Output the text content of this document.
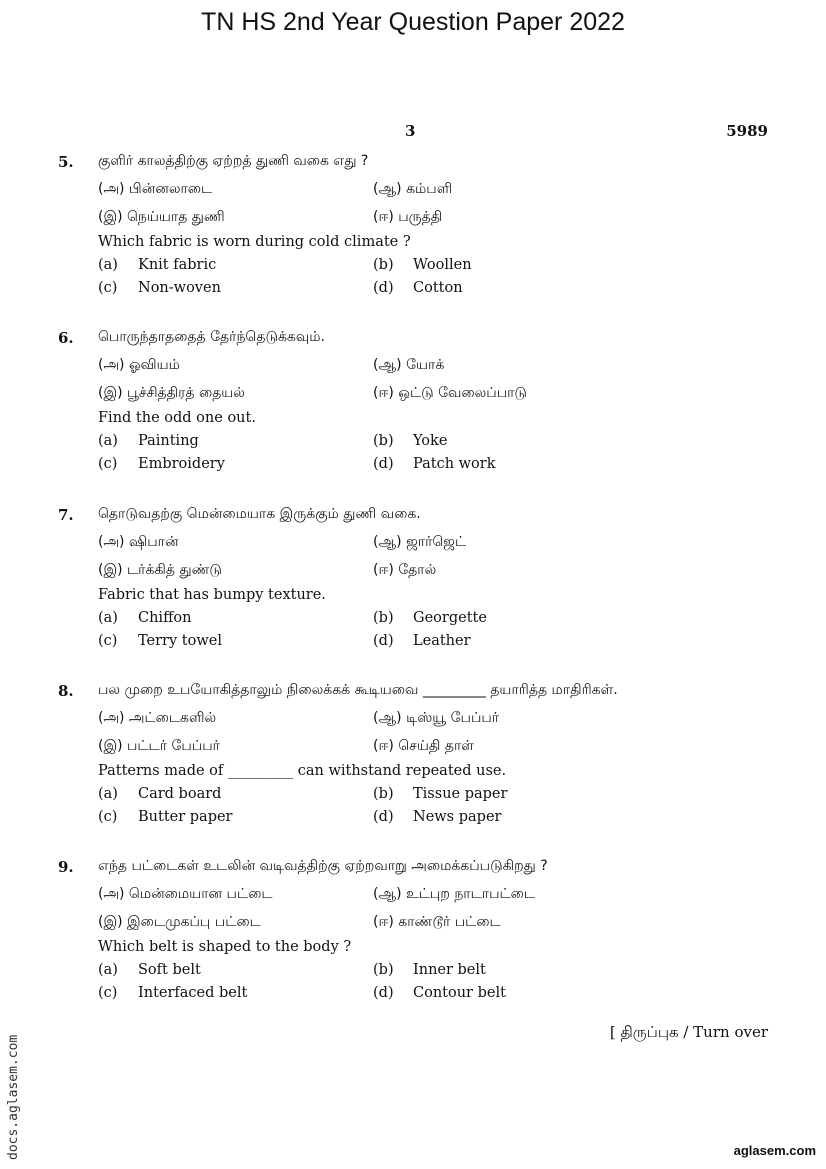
TN HS 2nd Year Question Paper 2022
3	5989
5. குளிர் காலத்திற்கு ஏற்றத் துணி வகை எது ?
(அ) பின்னலாடை	(ஆ) கம்பளி
(இ) நெய்யாத துணி	(ஈ) பருத்தி
Which fabric is worn during cold climate ?
(a) Knit fabric	(b) Woollen
(c) Non-woven	(d) Cotton
6. பொருந்தாததைத் தேர்ந்தெடுக்கவும்.
(அ) ஓவியம்	(ஆ) யோக்
(இ) பூச்சித்திரத் தையல்	(ஈ) ஒட்டு வேலைப்பாடு
Find the odd one out.
(a) Painting	(b) Yoke
(c) Embroidery	(d) Patch work
7. தொடுவதற்கு மென்மையாக இருக்கும் துணி வகை.
(அ) ஷிபான்	(ஆ) ஜார்ஜெட்
(இ) டர்க்கித் துண்டு	(ஈ) தோல்
Fabric that has bumpy texture.
(a) Chiffon	(b) Georgette
(c) Terry towel	(d) Leather
8. பல முறை உபயோகித்தாலும் நிலைக்கக் கூடியவை _________ தயாரித்த மாதிரிகள்.
(அ) அட்டைகளில்	(ஆ) டிஸ்யூ பேப்பர்
(இ) பட்டர் பேப்பர்	(ஈ) செய்தி தாள்
Patterns made of _________ can withstand repeated use.
(a) Card board	(b) Tissue paper
(c) Butter paper	(d) News paper
9. எந்த பட்டைகள் உடலின் வடிவத்திற்கு ஏற்றவாறு அமைக்கப்படுகிறது ?
(அ) மென்மையான பட்டை	(ஆ) உட்புற நாடாபட்டை
(இ) இடைமுகப்பு பட்டை	(ஈ) காண்டூர் பட்டை
Which belt is shaped to the body ?
(a) Soft belt	(b) Inner belt
(c) Interfaced belt	(d) Contour belt
[ திருப்புக / Turn over
docs.aglasem.com	aglasem.com
